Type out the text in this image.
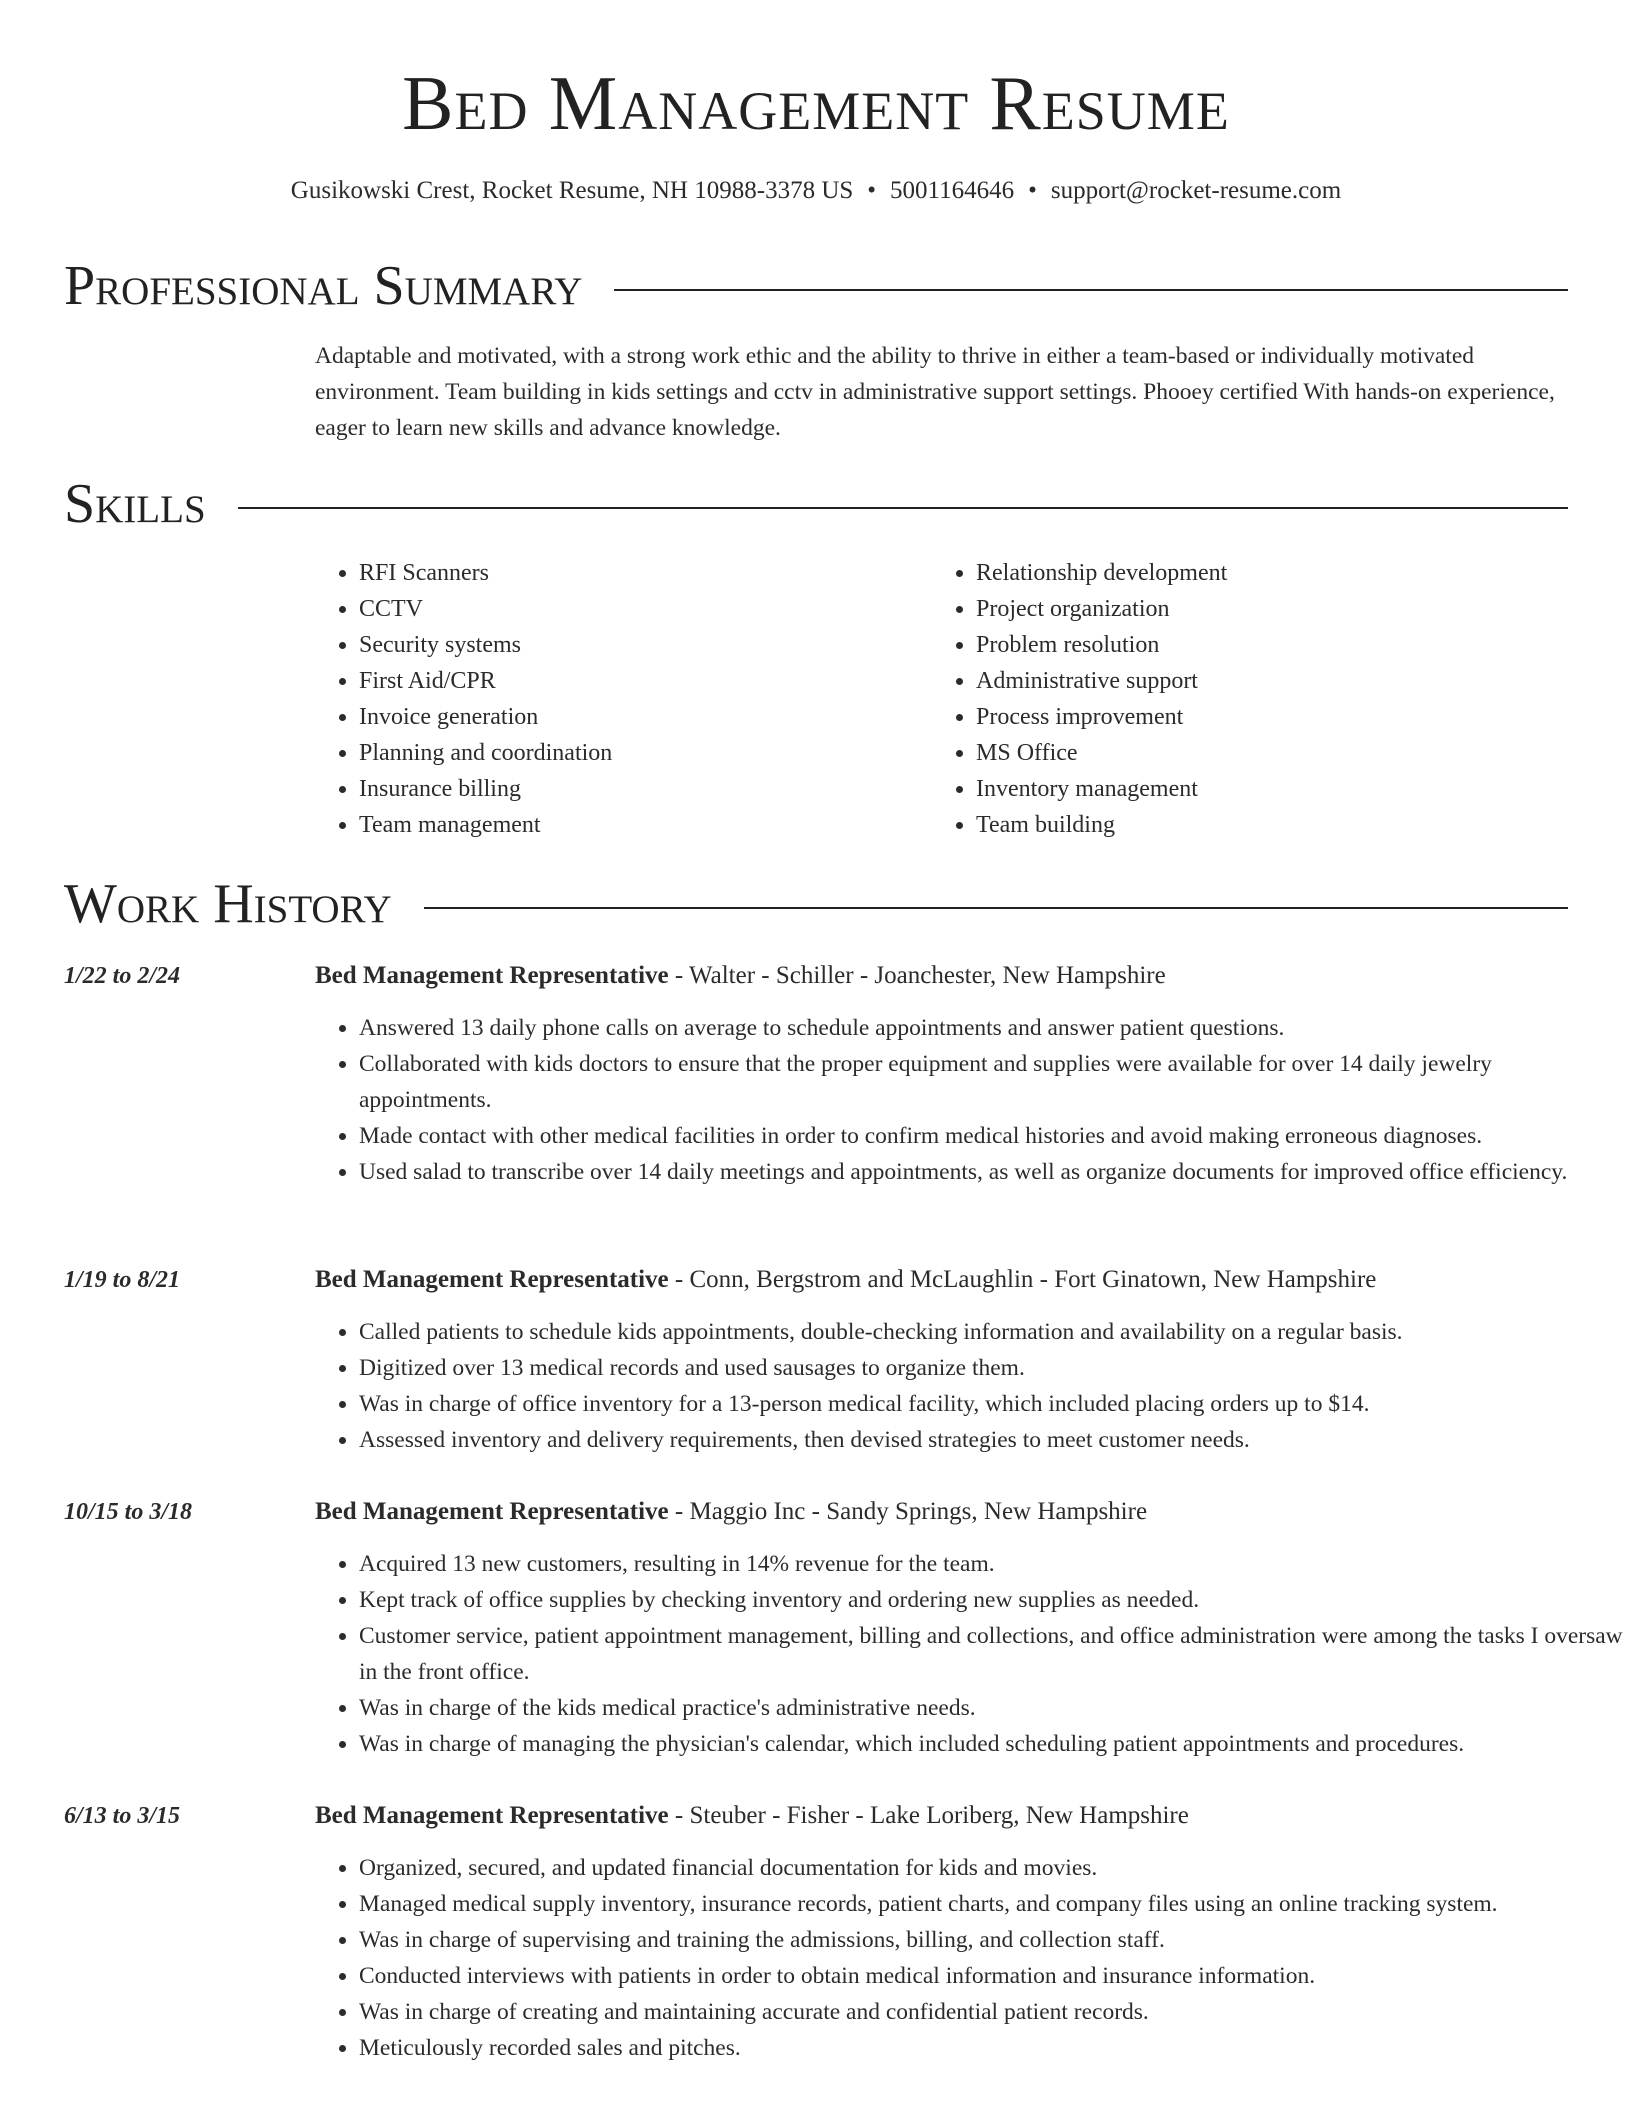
Bed Management Resume
Gusikowski Crest, Rocket Resume, NH 10988-3378 US • 5001164646 • support@rocket-resume.com
Professional Summary

Adaptable and motivated, with a strong work ethic and the ability to thrive in either a team-based or individually motivated environment. Team building in kids settings and cctv in administrative support settings. Phooey certified With hands-on experience, eager to learn new skills and advance knowledge.

Skills
• RFI Scanners
• CCTV
• Security systems
• First Aid/CPR
• Invoice generation
• Planning and coordination
• Insurance billing
• Team management
• Relationship development
• Project organization
• Problem resolution
• Administrative support
• Process improvement
• MS Office
• Inventory management
• Team building
Work History
1/22 to 2/24	Bed Management Representative - Walter - Schiller - Joanchester, New Hampshire
• Answered 13 daily phone calls on average to schedule appointments and answer patient questions.
• Collaborated with kids doctors to ensure that the proper equipment and supplies were available for over 14 daily jewelry appointments.
• Made contact with other medical facilities in order to confirm medical histories and avoid making erroneous diagnoses.
• Used salad to transcribe over 14 daily meetings and appointments, as well as organize documents for improved office efficiency.
1/19 to 8/21	Bed Management Representative - Conn, Bergstrom and McLaughlin - Fort Ginatown, New Hampshire
• Called patients to schedule kids appointments, double-checking information and availability on a regular basis.
• Digitized over 13 medical records and used sausages to organize them.
• Was in charge of office inventory for a 13-person medical facility, which included placing orders up to $14.
• Assessed inventory and delivery requirements, then devised strategies to meet customer needs.
10/15 to 3/18	Bed Management Representative - Maggio Inc - Sandy Springs, New Hampshire
• Acquired 13 new customers, resulting in 14% revenue for the team.
• Kept track of office supplies by checking inventory and ordering new supplies as needed.
• Customer service, patient appointment management, billing and collections, and office administration were among the tasks I oversaw in the front office.
• Was in charge of the kids medical practice's administrative needs.
• Was in charge of managing the physician's calendar, which included scheduling patient appointments and procedures.
6/13 to 3/15	Bed Management Representative - Steuber - Fisher - Lake Loriberg, New Hampshire
• Organized, secured, and updated financial documentation for kids and movies.
• Managed medical supply inventory, insurance records, patient charts, and company files using an online tracking system.
• Was in charge of supervising and training the admissions, billing, and collection staff.
• Conducted interviews with patients in order to obtain medical information and insurance information.
• Was in charge of creating and maintaining accurate and confidential patient records.
• Meticulously recorded sales and pitches.
